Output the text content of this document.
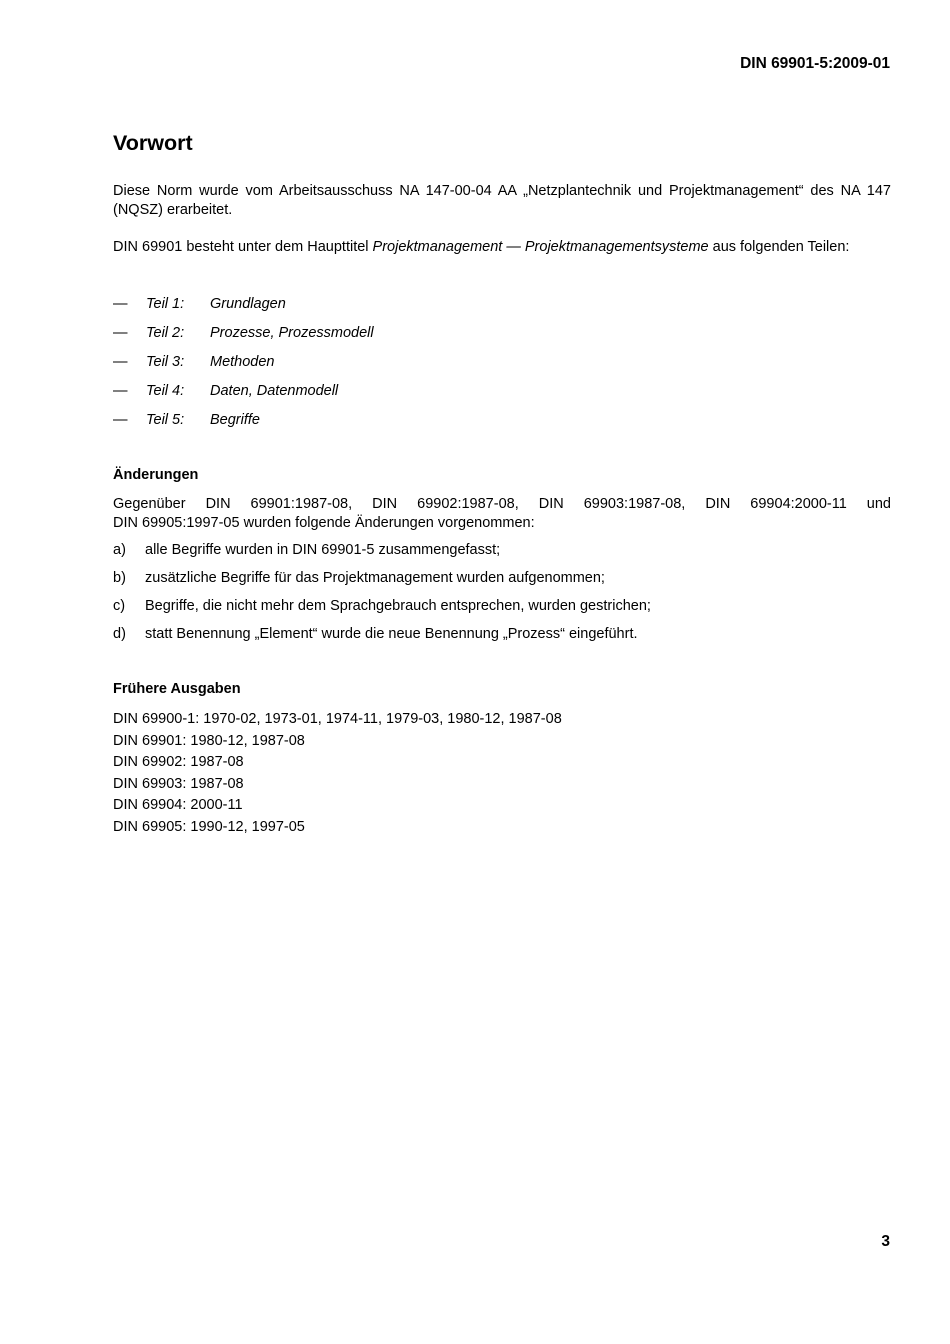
DIN 69901-5:2009-01
Vorwort

Diese Norm wurde vom Arbeitsausschuss NA 147-00-04 AA „Netzplantechnik und Projektmanagement“ des NA 147 (NQSZ) erarbeitet.

DIN 69901 besteht unter dem Haupttitel Projektmanagement — Projektmanagementsysteme aus folgenden Teilen:

—	Teil 1:	Grundlagen
—	Teil 2:	Prozesse, Prozessmodell
—	Teil 3:	Methoden
—	Teil 4:	Daten, Datenmodell
—	Teil 5:	Begriffe
Änderungen
Gegenüber DIN 69901:1987-08, DIN 69902:1987-08, DIN 69903:1987-08, DIN 69904:2000-11 und
DIN 69905:1997-05 wurden folgende Änderungen vorgenommen:
a)	alle Begriffe wurden in DIN 69901-5 zusammengefasst;
b)	zusätzliche Begriffe für das Projektmanagement wurden aufgenommen;
c)	Begriffe, die nicht mehr dem Sprachgebrauch entsprechen, wurden gestrichen;
d)	statt Benennung „Element“ wurde die neue Benennung „Prozess“ eingeführt.
Frühere Ausgaben
DIN 69900-1: 1970-02, 1973-01, 1974-11, 1979-03, 1980-12, 1987-08
DIN 69901: 1980-12, 1987-08
DIN 69902: 1987-08
DIN 69903: 1987-08
DIN 69904: 2000-11
DIN 69905: 1990-12, 1997-05
3
